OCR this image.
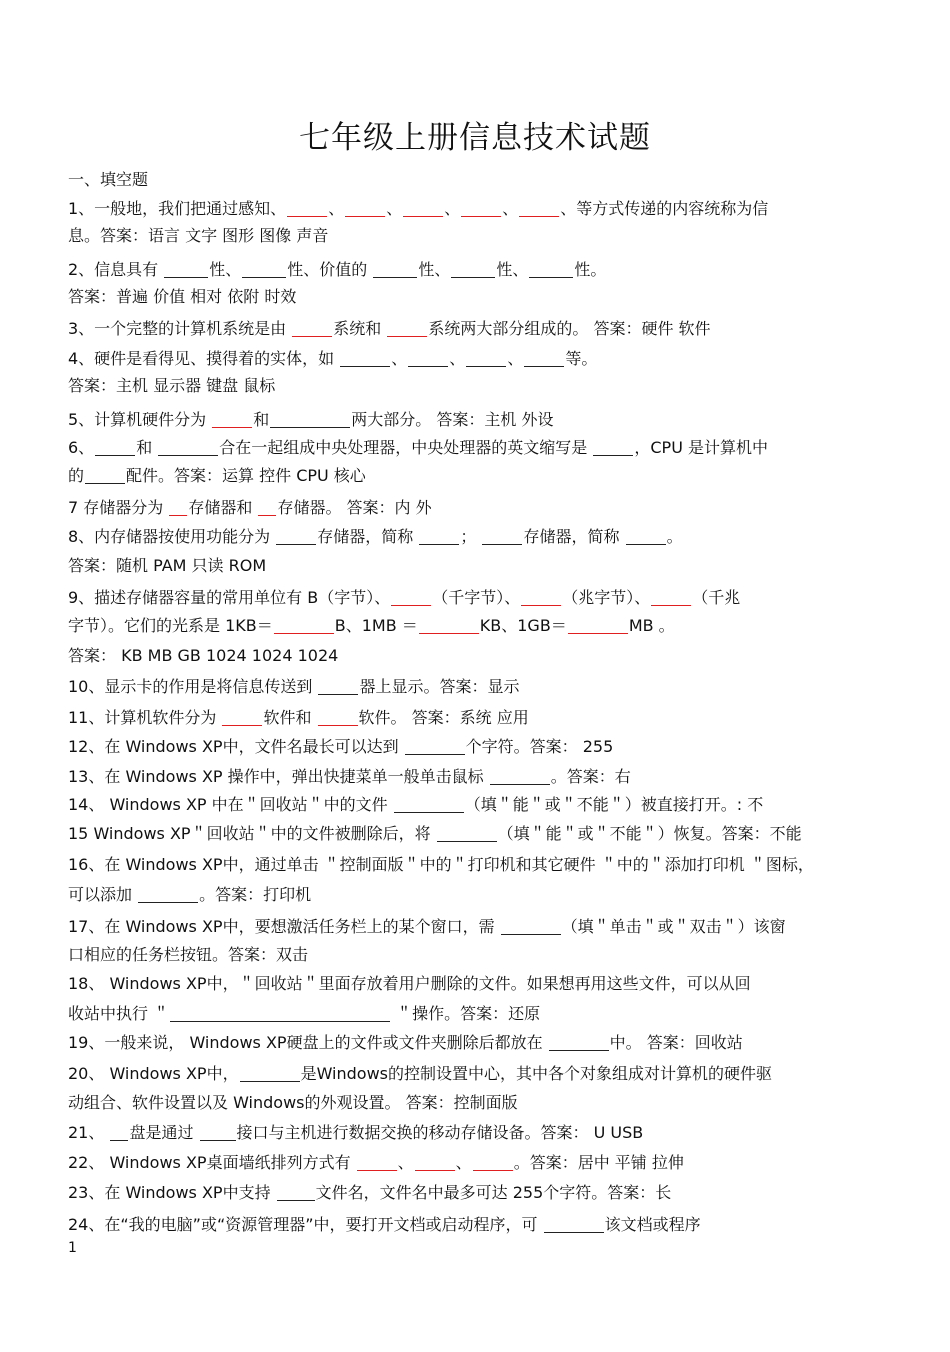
七年级上册信息技术试题
一、填空题
1、一般地，我们把通过感知、	、	、	、	、	、等方式传递的内容统称为信
息。答案：语言 文字 图形 图像 声音
2、信息具有	性、	性、价值的	性、	性、	性。
答案：普遍 价值 相对 依附 时效
3、一个完整的计算机系统是由	系统和	系统两大部分组成的。 答案：硬件 软件
4、硬件是看得见、摸得着的实体，如	、	、	、	等。
答案：主机 显示器 键盘 鼠标
5、计算机硬件分为	和	两大部分。 答案：主机 外设
6、	和	合在一起组成中央处理器，中央处理器的英文缩写是	，CPU 是计算机中
的	配件。答案：运算 控件 CPU 核心
7 存储器分为 存储器和 存储器。 答案：内 外
8、内存储器按使用功能分为	存储器，简称	；	存储器，简称	。
答案：随机 PAM 只读 ROM
9、描述存储器容量的常用单位有 B（字节）、	（千字节）、	（兆字节）、	（千兆
字节）。它们的光系是 1KB＝	B、1MB ＝	KB、1GB＝	MB 。
答案： KB MB GB 1024 1024 1024
10、显示卡的作用是将信息传送到	器上显示。答案：显示
11、计算机软件分为	软件和	软件。 答案：系统 应用
12、在 Windows XP中，文件名最长可以达到	个字符。答案： 255
13、在 Windows XP 操作中，弹出快捷菜单一般单击鼠标	。答案：右
14、 Windows XP 中在＂回收站＂中的文件	（填＂能＂或＂不能＂）被直接打开。: 不
15 Windows XP＂回收站＂中的文件被删除后，将	（填＂能＂或＂不能＂）恢复。答案：不能
16、在 Windows XP中，通过单击 ＂控制面版＂中的＂打印机和其它硬件 ＂中的＂添加打印机 ＂图标，
可以添加	。答案：打印机
17、在 Windows XP中，要想激活任务栏上的某个窗口，需	（填＂单击＂或＂双击＂）该窗
口相应的任务栏按钮。答案：双击
18、 Windows XP中，＂回收站＂里面存放着用户删除的文件。如果想再用这些文件，可以从回
收站中执行 ＂	＂操作。答案：还原
19、一般来说， Windows XP硬盘上的文件或文件夹删除后都放在	中。 答案：回收站
20、 Windows XP中，	是Windows的控制设置中心，其中各个对象组成对计算机的硬件驱
动组合、软件设置以及 Windows的外观设置。 答案：控制面版
21、 盘是通过 接口与主机进行数据交换的移动存储设备。答案： U USB
22、 Windows XP桌面墙纸排列方式有	、	、	。答案：居中 平铺 拉伸
23、在 Windows XP中支持	文件名，文件名中最多可达 255个字符。答案：长
24、在“我的电脑”或“资源管理器”中，要打开文档或启动程序，可	该文档或程序
1
